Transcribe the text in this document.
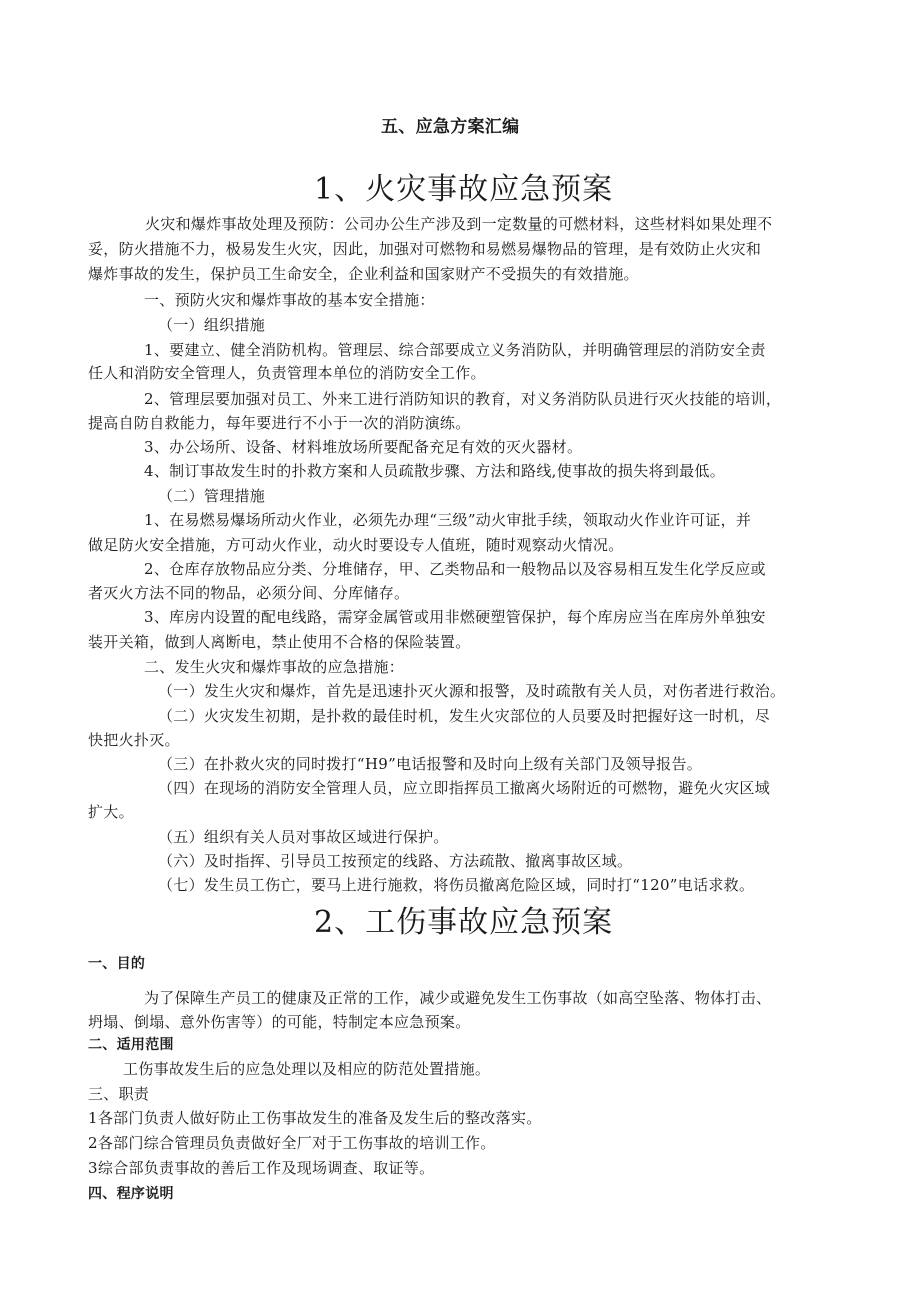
五、应急方案汇编
1、火灾事故应急预案
火灾和爆炸事故处理及预防：公司办公生产涉及到一定数量的可燃材料，这些材料如果处理不
妥，防火措施不力，极易发生火灾，因此，加强对可燃物和易燃易爆物品的管理，是有效防止火灾和
爆炸事故的发生，保护员工生命安全，企业利益和国家财产不受损失的有效措施。
一、预防火灾和爆炸事故的基本安全措施：
（一）组织措施
1、要建立、健全消防机构。管理层、综合部要成立义务消防队，并明确管理层的消防安全责
任人和消防安全管理人，负责管理本单位的消防安全工作。
2、管理层要加强对员工、外来工进行消防知识的教育，对义务消防队员进行灭火技能的培训，
提高自防自救能力，每年要进行不小于一次的消防演练。
3、办公场所、设备、材料堆放场所要配备充足有效的灭火器材。
4、制订事故发生时的扑救方案和人员疏散步骤、方法和路线,使事故的损失将到最低。
（二）管理措施
1、在易燃易爆场所动火作业，必须先办理“三级”动火审批手续，领取动火作业许可证，并
做足防火安全措施，方可动火作业，动火时要设专人值班，随时观察动火情况。
2、仓库存放物品应分类、分堆储存，甲、乙类物品和一般物品以及容易相互发生化学反应或
者灭火方法不同的物品，必须分间、分库储存。
3、库房内设置的配电线路，需穿金属管或用非燃硬塑管保护，每个库房应当在库房外单独安
装开关箱，做到人离断电，禁止使用不合格的保险装置。
二、发生火灾和爆炸事故的应急措施：
（一）发生火灾和爆炸，首先是迅速扑灭火源和报警，及时疏散有关人员，对伤者进行救治。
（二）火灾发生初期，是扑救的最佳时机，发生火灾部位的人员要及时把握好这一时机，尽
快把火扑灭。
（三）在扑救火灾的同时拨打“H9”电话报警和及时向上级有关部门及领导报告。
（四）在现场的消防安全管理人员，应立即指挥员工撤离火场附近的可燃物，避免火灾区域
扩大。
（五）组织有关人员对事故区域进行保护。
（六）及时指挥、引导员工按预定的线路、方法疏散、撤离事故区域。
（七）发生员工伤亡，要马上进行施救，将伤员撤离危险区域，同时打“120”电话求救。
2、工伤事故应急预案
一、目的
为了保障生产员工的健康及正常的工作，减少或避免发生工伤事故（如高空坠落、物体打击、
坍塌、倒塌、意外伤害等）的可能，特制定本应急预案。
二、适用范围
工伤事故发生后的应急处理以及相应的防范处置措施。
三、职责
1各部门负责人做好防止工伤事故发生的准备及发生后的整改落实。
2各部门综合管理员负责做好全厂对于工伤事故的培训工作。
3综合部负责事故的善后工作及现场调查、取证等。
四、程序说明
